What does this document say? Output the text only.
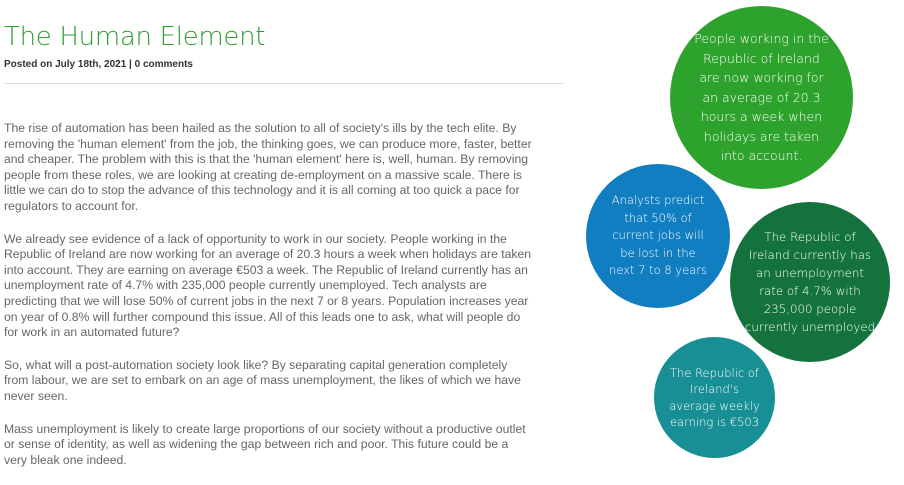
The Human Element
Posted on July 18th, 2021 | 0 comments

The rise of automation has been hailed as the solution to all of society's ills by the tech elite. By removing the 'human element' from the job, the thinking goes, we can produce more, faster, better and cheaper. The problem with this is that the 'human element' here is, well, human. By removing people from these roles, we are looking at creating de-employment on a massive scale. There is little we can do to stop the advance of this technology and it is all coming at too quick a pace for regulators to account for.

We already see evidence of a lack of opportunity to work in our society. People working in the Republic of Ireland are now working for an average of 20.3 hours a week when holidays are taken into account. They are earning on average €503 a week. The Republic of Ireland currently has an unemployment rate of 4.7% with 235,000 people currently unemployed. Tech analysts are predicting that we will lose 50% of current jobs in the next 7 or 8 years. Population increases year on year of 0.8% will further compound this issue. All of this leads one to ask, what will people do for work in an automated future?

So, what will a post-automation society look like? By separating capital generation completely from labour, we are set to embark on an age of mass unemployment, the likes of which we have never seen.

Mass unemployment is likely to create large proportions of our society without a productive outlet or sense of identity, as well as widening the gap between rich and poor. This future could be a very bleak one indeed.

People working in the Republic of Ireland are now working for an average of 20.3 hours a week when holidays are taken into account.
Analysts predict that 50% of current jobs will be lost in the next 7 to 8 years
The Republic of Ireland currently has an unemployment rate of 4.7% with 235,000 people currently unemployed
The Republic of Ireland's average weekly earning is €503
